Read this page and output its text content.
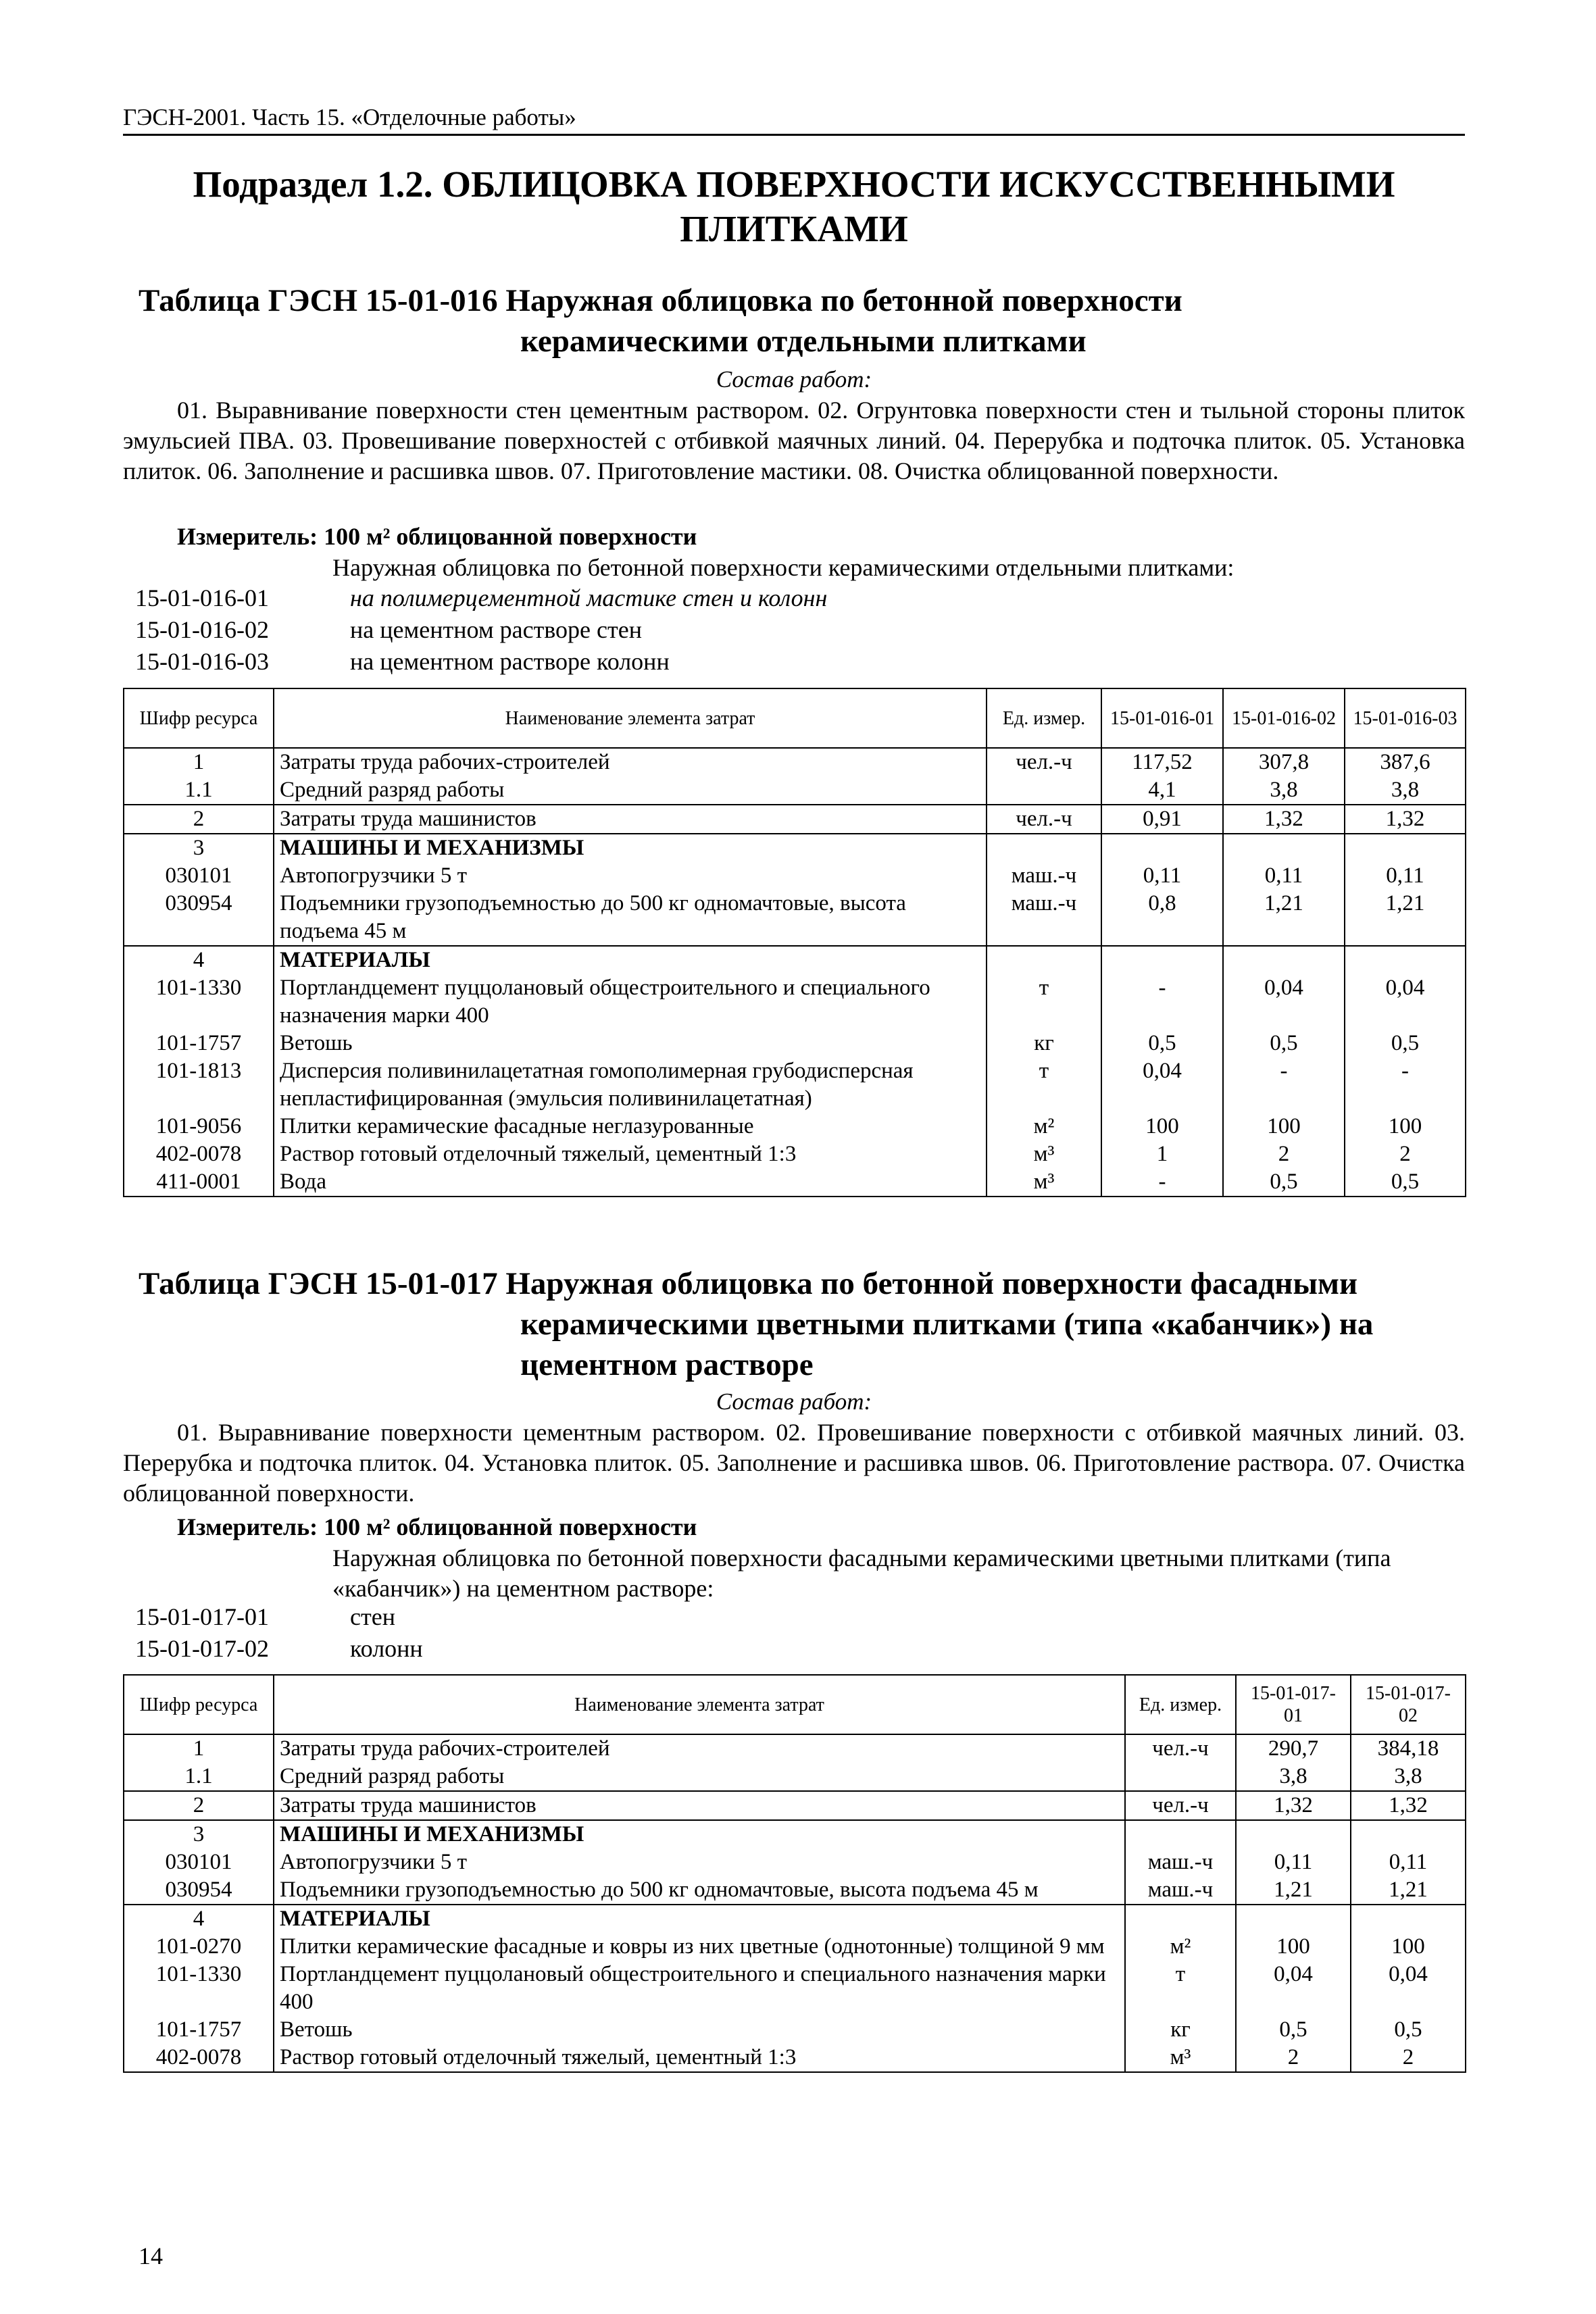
ГЭСН-2001. Часть 15. «Отделочные работы»
Подраздел 1.2. ОБЛИЦОВКА ПОВЕРХНОСТИ ИСКУССТВЕННЫМИ ПЛИТКАМИ
Таблица ГЭСН 15-01-016 Наружная облицовка по бетонной поверхности
керамическими отдельными плитками
Состав работ:
01. Выравнивание поверхности стен цементным раствором. 02. Огрунтовка поверхности стен и тыльной стороны плиток эмульсией ПВА. 03. Провешивание поверхностей с отбивкой маячных линий. 04. Перерубка и подточка плиток. 05. Установка плиток. 06. Заполнение и расшивка швов. 07. Приготовление мастики. 08. Очистка облицованной поверхности.
Измеритель: 100 м² облицованной поверхности
Наружная облицовка по бетонной поверхности керамическими отдельными плитками:
15-01-016-01	на полимерцементной мастике стен и колонн
15-01-016-02	на цементном растворе стен
15-01-016-03	на цементном растворе колонн
Шифр ресурса	Наименование элемента затрат	Ед. измер.	15-01-016-01	15-01-016-02	15-01-016-03
1	Затраты труда рабочих-строителей	чел.-ч	117,52	307,8	387,6
1.1	Средний разряд работы		4,1	3,8	3,8
2	Затраты труда машинистов	чел.-ч	0,91	1,32	1,32
3	МАШИНЫ И МЕХАНИЗМЫ				
030101	Автопогрузчики 5 т	маш.-ч	0,11	0,11	0,11
030954	Подъемники грузоподъемностью до 500 кг одномачтовые, высота подъема 45 м	маш.-ч	0,8	1,21	1,21
4	МАТЕРИАЛЫ				
101-1330	Портландцемент пуццолановый общестроительного и специального назначения марки 400	т	-	0,04	0,04
101-1757	Ветошь	кг	0,5	0,5	0,5
101-1813	Дисперсия поливинилацетатная гомополимерная грубодисперсная непластифицированная (эмульсия поливинилацетатная)	т	0,04	-	-
101-9056	Плитки керамические фасадные неглазурованные	м²	100	100	100
402-0078	Раствор готовый отделочный тяжелый, цементный 1:3	м³	1	2	2
411-0001	Вода	м³	-	0,5	0,5
Таблица ГЭСН 15-01-017 Наружная облицовка по бетонной поверхности фасадными
керамическими цветными плитками (типа «кабанчик») на
цементном растворе
Состав работ:
01. Выравнивание поверхности цементным раствором. 02. Провешивание поверхности с отбивкой маячных линий. 03. Перерубка и подточка плиток. 04. Установка плиток. 05. Заполнение и расшивка швов. 06. Приготовление раствора. 07. Очистка облицованной поверхности.
Измеритель: 100 м² облицованной поверхности
Наружная облицовка по бетонной поверхности фасадными керамическими цветными плитками (типа «кабанчик») на цементном растворе:
15-01-017-01	стен
15-01-017-02	колонн
Шифр ресурса	Наименование элемента затрат	Ед. измер.	15-01-017-01	15-01-017-02
1	Затраты труда рабочих-строителей	чел.-ч	290,7	384,18
1.1	Средний разряд работы		3,8	3,8
2	Затраты труда машинистов	чел.-ч	1,32	1,32
3	МАШИНЫ И МЕХАНИЗМЫ			
030101	Автопогрузчики 5 т	маш.-ч	0,11	0,11
030954	Подъемники грузоподъемностью до 500 кг одномачтовые, высота подъема 45 м	маш.-ч	1,21	1,21
4	МАТЕРИАЛЫ			
101-0270	Плитки керамические фасадные и ковры из них цветные (однотонные) толщиной 9 мм	м²	100	100
101-1330	Портландцемент пуццолановый общестроительного и специального назначения марки 400	т	0,04	0,04
101-1757	Ветошь	кг	0,5	0,5
402-0078	Раствор готовый отделочный тяжелый, цементный 1:3	м³	2	2
14
